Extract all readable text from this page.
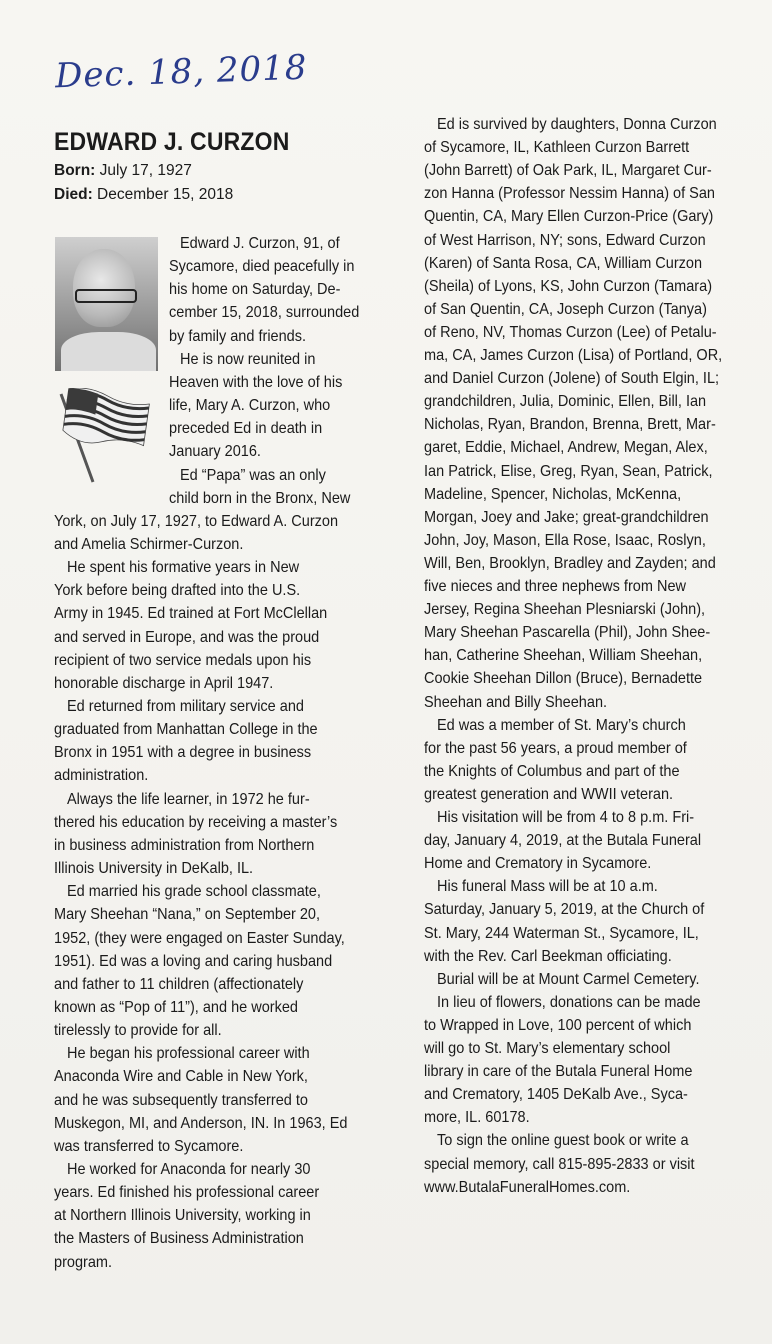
Dec. 18, 2018
EDWARD J. CURZON
Born: July 17, 1927
Died: December 15, 2018
Edward J. Curzon, 91, of
Sycamore, died peacefully in
his home on Saturday, De-
cember 15, 2018, surrounded
by family and friends.
He is now reunited in
Heaven with the love of his
life, Mary A. Curzon, who
preceded Ed in death in
January 2016.
Ed “Papa” was an only
child born in the Bronx, New
York, on July 17, 1927, to Edward A. Curzon
and Amelia Schirmer-Curzon.
He spent his formative years in New
York before being drafted into the U.S.
Army in 1945. Ed trained at Fort McClellan
and served in Europe, and was the proud
recipient of two service medals upon his
honorable discharge in April 1947.
Ed returned from military service and
graduated from Manhattan College in the
Bronx in 1951 with a degree in business
administration.
Always the life learner, in 1972 he fur-
thered his education by receiving a master’s
in business administration from Northern
Illinois University in DeKalb, IL.
Ed married his grade school classmate,
Mary Sheehan “Nana,” on September 20,
1952, (they were engaged on Easter Sunday,
1951). Ed was a loving and caring husband
and father to 11 children (affectionately
known as “Pop of 11”), and he worked
tirelessly to provide for all.
He began his professional career with
Anaconda Wire and Cable in New York,
and he was subsequently transferred to
Muskegon, MI, and Anderson, IN. In 1963, Ed
was transferred to Sycamore.
He worked for Anaconda for nearly 30
years. Ed finished his professional career
at Northern Illinois University, working in
the Masters of Business Administration
program.
Ed is survived by daughters, Donna Curzon
of Sycamore, IL, Kathleen Curzon Barrett
(John Barrett) of Oak Park, IL, Margaret Cur-
zon Hanna (Professor Nessim Hanna) of San
Quentin, CA, Mary Ellen Curzon-Price (Gary)
of West Harrison, NY; sons, Edward Curzon
(Karen) of Santa Rosa, CA, William Curzon
(Sheila) of Lyons, KS, John Curzon (Tamara)
of San Quentin, CA, Joseph Curzon (Tanya)
of Reno, NV, Thomas Curzon (Lee) of Petalu-
ma, CA, James Curzon (Lisa) of Portland, OR,
and Daniel Curzon (Jolene) of South Elgin, IL;
grandchildren, Julia, Dominic, Ellen, Bill, Ian
Nicholas, Ryan, Brandon, Brenna, Brett, Mar-
garet, Eddie, Michael, Andrew, Megan, Alex,
Ian Patrick, Elise, Greg, Ryan, Sean, Patrick,
Madeline, Spencer, Nicholas, McKenna,
Morgan, Joey and Jake; great-grandchildren
John, Joy, Mason, Ella Rose, Isaac, Roslyn,
Will, Ben, Brooklyn, Bradley and Zayden; and
five nieces and three nephews from New
Jersey, Regina Sheehan Plesniarski (John),
Mary Sheehan Pascarella (Phil), John Shee-
han, Catherine Sheehan, William Sheehan,
Cookie Sheehan Dillon (Bruce), Bernadette
Sheehan and Billy Sheehan.
Ed was a member of St. Mary’s church
for the past 56 years, a proud member of
the Knights of Columbus and part of the
greatest generation and WWII veteran.
His visitation will be from 4 to 8 p.m. Fri-
day, January 4, 2019, at the Butala Funeral
Home and Crematory in Sycamore.
His funeral Mass will be at 10 a.m.
Saturday, January 5, 2019, at the Church of
St. Mary, 244 Waterman St., Sycamore, IL,
with the Rev. Carl Beekman officiating.
Burial will be at Mount Carmel Cemetery.
In lieu of flowers, donations can be made
to Wrapped in Love, 100 percent of which
will go to St. Mary’s elementary school
library in care of the Butala Funeral Home
and Crematory, 1405 DeKalb Ave., Syca-
more, IL. 60178.
To sign the online guest book or write a
special memory, call 815-895-2833 or visit
www.ButalaFuneralHomes.com.
